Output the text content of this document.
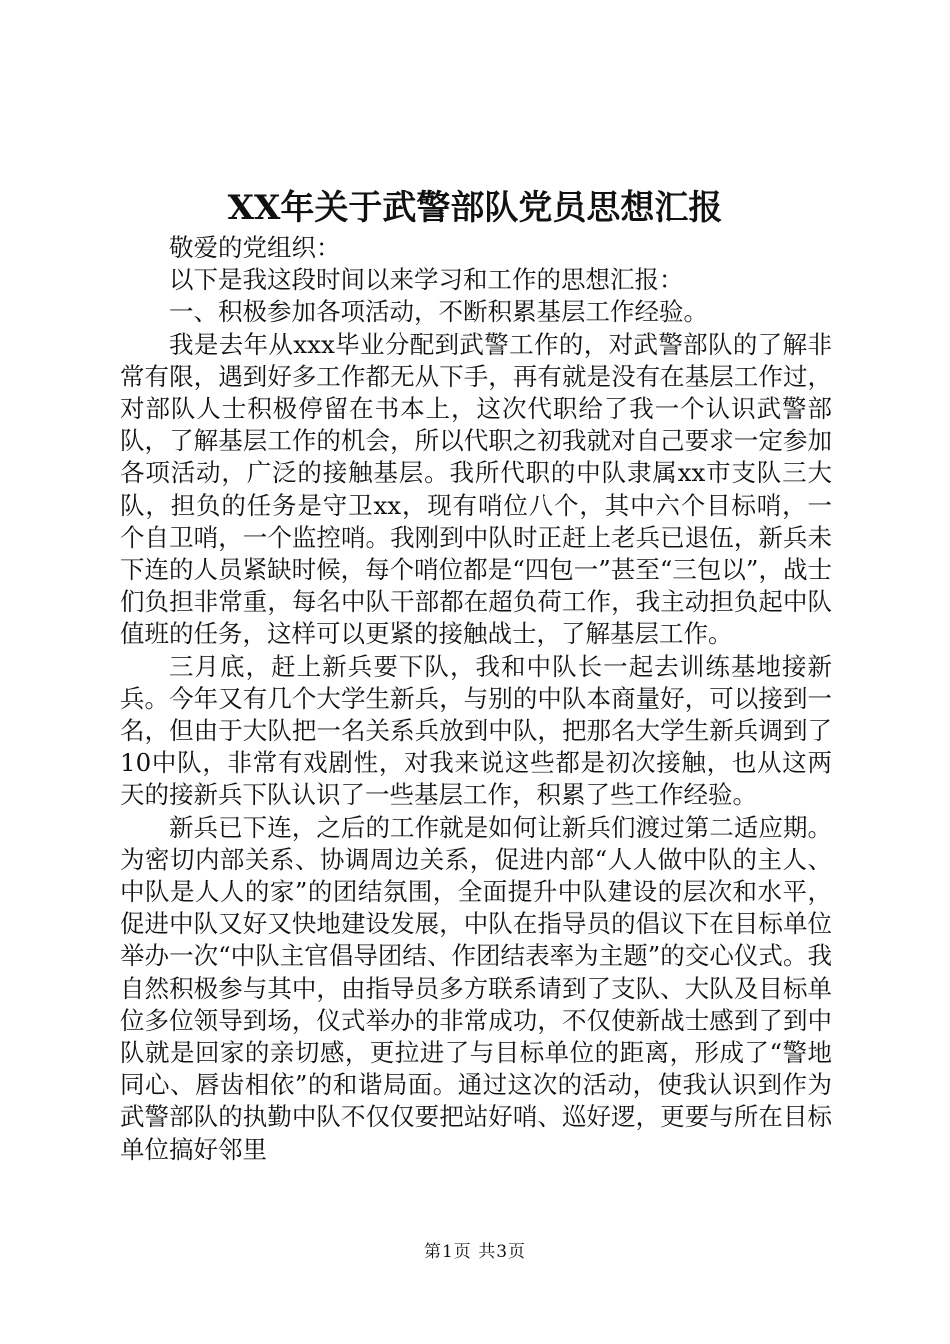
XX年关于武警部队党员思想汇报

敬爱的党组织：

以下是我这段时间以来学习和工作的思想汇报：

一、积极参加各项活动，不断积累基层工作经验。

我是去年从xxx毕业分配到武警工作的，对武警部队的了解非常有限，遇到好多工作都无从下手，再有就是没有在基层工作过，对部队人士积极停留在书本上，这次代职给了我一个认识武警部队，了解基层工作的机会，所以代职之初我就对自己要求一定参加各项活动，广泛的接触基层。我所代职的中队隶属xx市支队三大队，担负的任务是守卫xx，现有哨位八个，其中六个目标哨，一个自卫哨，一个监控哨。我刚到中队时正赶上老兵已退伍，新兵未下连的人员紧缺时候，每个哨位都是“四包一”甚至“三包以”，战士们负担非常重，每名中队干部都在超负荷工作，我主动担负起中队值班的任务，这样可以更紧的接触战士，了解基层工作。

三月底，赶上新兵要下队，我和中队长一起去训练基地接新兵。今年又有几个大学生新兵，与别的中队本商量好，可以接到一名，但由于大队把一名关系兵放到中队，把那名大学生新兵调到了10中队，非常有戏剧性，对我来说这些都是初次接触，也从这两天的接新兵下队认识了一些基层工作，积累了些工作经验。

新兵已下连，之后的工作就是如何让新兵们渡过第二适应期。为密切内部关系、协调周边关系，促进内部“人人做中队的主人、中队是人人的家”的团结氛围，全面提升中队建设的层次和水平，促进中队又好又快地建设发展，中队在指导员的倡议下在目标单位举办一次“中队主官倡导团结、作团结表率为主题”的交心仪式。我自然积极参与其中，由指导员多方联系请到了支队、大队及目标单位多位领导到场，仪式举办的非常成功，不仅使新战士感到了到中队就是回家的亲切感，更拉进了与目标单位的距离，形成了“警地同心、唇齿相依”的和谐局面。通过这次的活动，使我认识到作为武警部队的执勤中队不仅仅要把站好哨、巡好逻，更要与所在目标单位搞好邻里

第1页 共3页
